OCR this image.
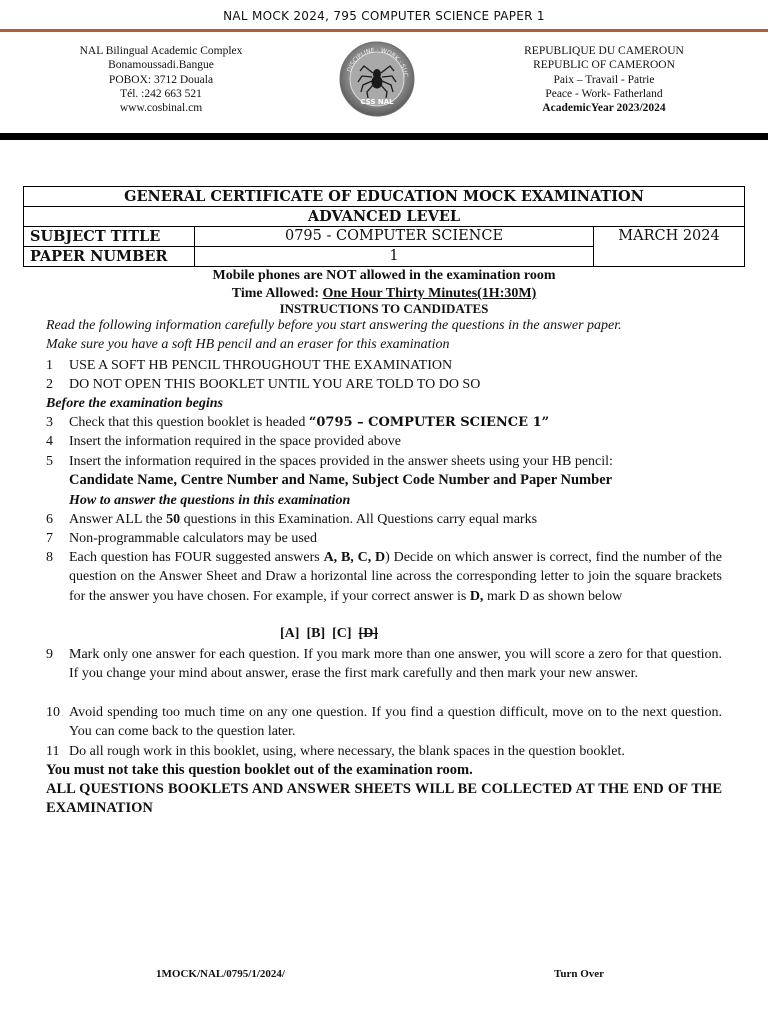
NAL MOCK 2024, 795 COMPUTER SCIENCE PAPER 1
NAL Bilingual Academic Complex
Bonamoussadi.Bangue
POBOX: 3712 Douala
Tél. :242 663 521
www.cosbinal.cm
DISCIPLINE · WORK · SUC
CSS NAL
REPUBLIQUE DU CAMEROUN
REPUBLIC OF CAMEROON
Paix – Travail - Patrie
Peace - Work- Fatherland
AcademicYear 2023/2024
GENERAL CERTIFICATE OF EDUCATION MOCK EXAMINATION		
ADVANCED LEVEL		
SUBJECT TITLE	0795 - COMPUTER SCIENCE	MARCH 2024
PAPER NUMBER	1	
Mobile phones are NOT allowed in the examination room
Time Allowed: One Hour Thirty Minutes(1H:30M)
INSTRUCTIONS TO CANDIDATES
Read the following information carefully before you start answering the questions in the answer paper.
Make sure you have a soft HB pencil and an eraser for this examination
1	USE A SOFT HB PENCIL THROUGHOUT THE EXAMINATION
2	DO NOT OPEN THIS BOOKLET UNTIL YOU ARE TOLD TO DO SO
Before the examination begins
3	Check that this question booklet is headed “0795 – COMPUTER SCIENCE 1”
4	Insert the information required in the space provided above
5	Insert the information required in the spaces provided in the answer sheets using your HB pencil:
Candidate Name, Centre Number and Name, Subject Code Number and Paper Number
How to answer the questions in this examination
6	Answer ALL the 50 questions in this Examination. All Questions carry equal marks
7	Non-programmable calculators may be used
8	Each question has FOUR suggested answers A, B, C, D) Decide on which answer is correct, find the number of the question on the Answer Sheet and Draw a horizontal line across the corresponding letter to join the square brackets for the answer you have chosen. For example, if your correct answer is D, mark D as shown below
[A] [B] [C] [D]
9	Mark only one answer for each question. If you mark more than one answer, you will score a zero for that question. If you change your mind about answer, erase the first mark carefully and then mark your new answer.
10 Avoid spending too much time on any one question. If you find a question difficult, move on to the next question. You can come back to the question later.
11 Do all rough work in this booklet, using, where necessary, the blank spaces in the question booklet.
You must not take this question booklet out of the examination room.
ALL QUESTIONS BOOKLETS AND ANSWER SHEETS WILL BE COLLECTED AT THE END OF THE EXAMINATION
1MOCK/NAL/0795/1/2024/	Turn Over
